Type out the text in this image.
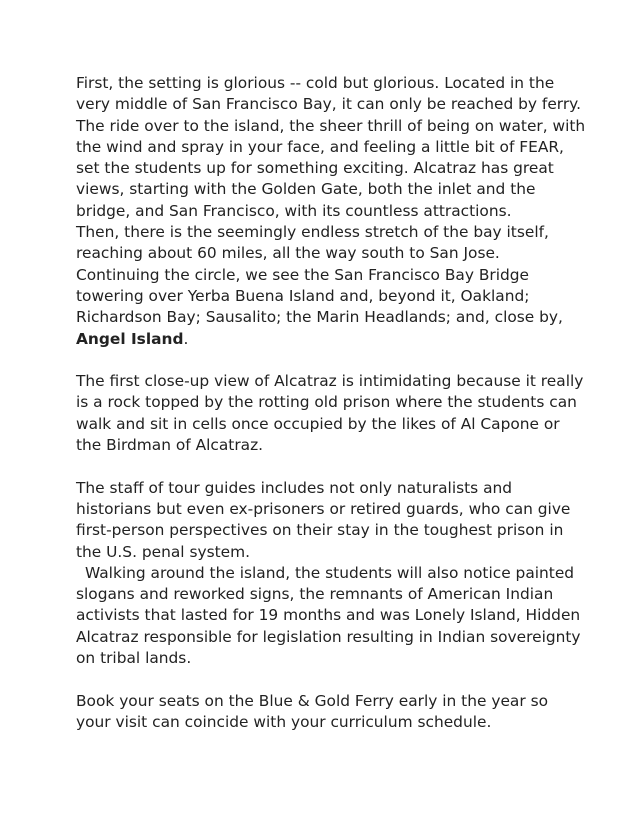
First, the setting is glorious -- cold but glorious. Located in the
very middle of San Francisco Bay, it can only be reached by ferry.
The ride over to the island, the sheer thrill of being on water, with
the wind and spray in your face, and feeling a little bit of FEAR,
set the students up for something exciting. Alcatraz has great
views, starting with the Golden Gate, both the inlet and the
bridge, and San Francisco, with its countless attractions.
Then, there is the seemingly endless stretch of the bay itself,
reaching about 60 miles, all the way south to San Jose.
Continuing the circle, we see the San Francisco Bay Bridge
towering over Yerba Buena Island and, beyond it, Oakland;
Richardson Bay; Sausalito; the Marin Headlands; and, close by,
Angel Island.
The first close-up view of Alcatraz is intimidating because it really
is a rock topped by the rotting old prison where the students can
walk and sit in cells once occupied by the likes of Al Capone or
the Birdman of Alcatraz.
The staff of tour guides includes not only naturalists and
historians but even ex-prisoners or retired guards, who can give
first-person perspectives on their stay in the toughest prison in
the U.S. penal system.
Walking around the island, the students will also notice painted
slogans and reworked signs, the remnants of American Indian
activists that lasted for 19 months and was Lonely Island, Hidden
Alcatraz responsible for legislation resulting in Indian sovereignty
on tribal lands.
Book your seats on the Blue & Gold Ferry early in the year so
your visit can coincide with your curriculum schedule.
